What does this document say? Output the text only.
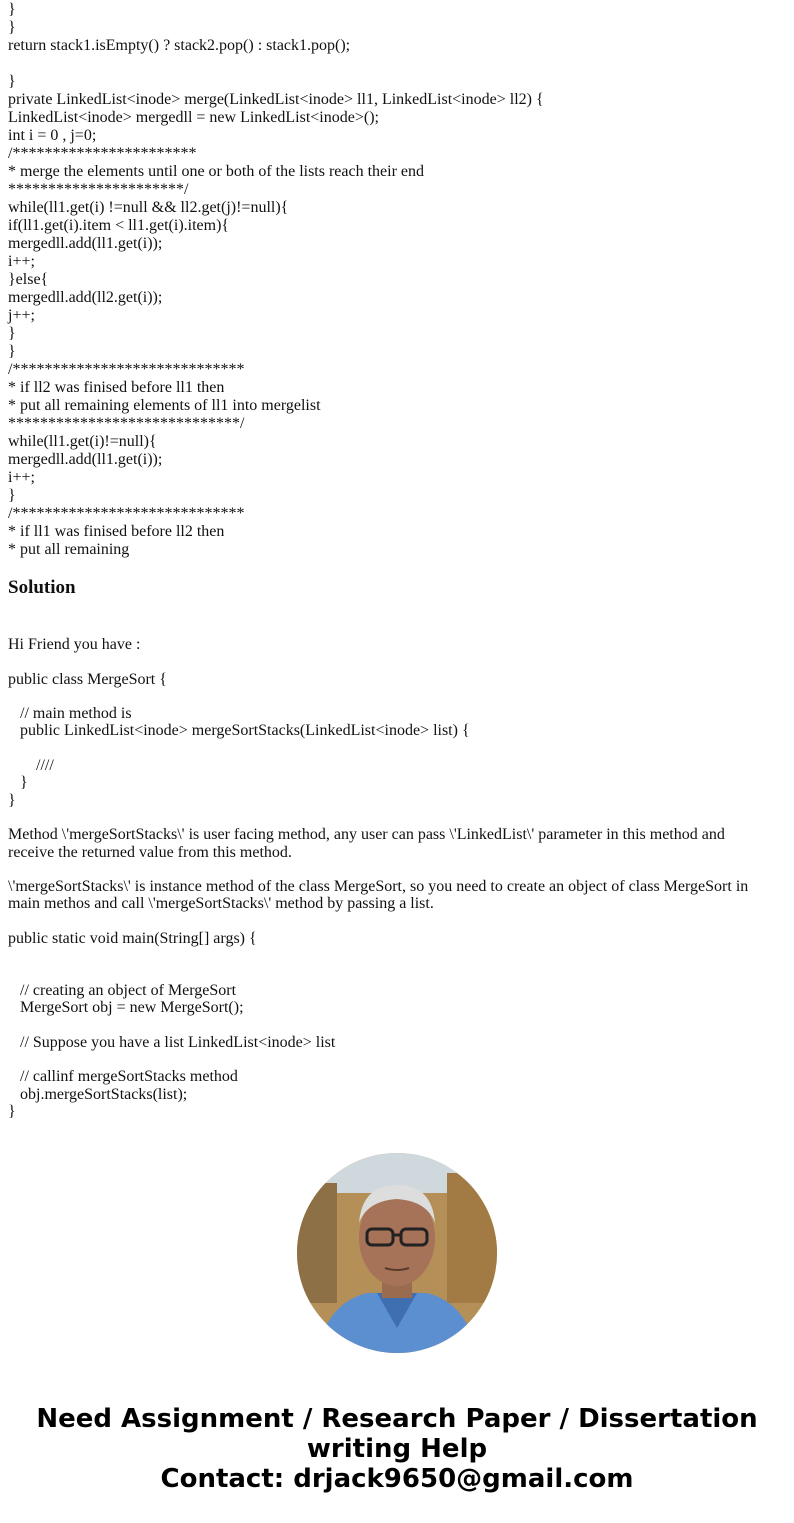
}
}
return stack1.isEmpty() ? stack2.pop() : stack1.pop();
}
private LinkedList<inode> merge(LinkedList<inode> ll1, LinkedList<inode> ll2) {
LinkedList<inode> mergedll = new LinkedList<inode>();
int i = 0 , j=0;
/***********************
* merge the elements until one or both of the lists reach their end
**********************/
while(ll1.get(i) !=null && ll2.get(j)!=null){
if(ll1.get(i).item < ll1.get(i).item){
mergedll.add(ll1.get(i));
i++;
}else{
mergedll.add(ll2.get(i));
j++;
}
}
/*****************************
* if ll2 was finised before ll1 then
* put all remaining elements of ll1 into mergelist
*****************************/
while(ll1.get(i)!=null){
mergedll.add(ll1.get(i));
i++;
}
/*****************************
* if ll1 was finised before ll2 then
* put all remaining
Solution
Hi Friend you have :
public class MergeSort {
// main method is
public LinkedList<inode> mergeSortStacks(LinkedList<inode> list) {
////
}
}
Method \'mergeSortStacks\' is user facing method, any user can pass \'LinkedList\' parameter in this method and
receive the returned value from this method.
\'mergeSortStacks\' is instance method of the class MergeSort, so you need to create an object of class MergeSort in
main methos and call \'mergeSortStacks\' method by passing a list.
public static void main(String[] args) {
// creating an object of MergeSort
MergeSort obj = new MergeSort();
// Suppose you have a list LinkedList<inode> list
// callinf mergeSortStacks method
obj.mergeSortStacks(list);
}
Need Assignment / Research Paper / Dissertation
writing Help
Contact: drjack9650@gmail.com
